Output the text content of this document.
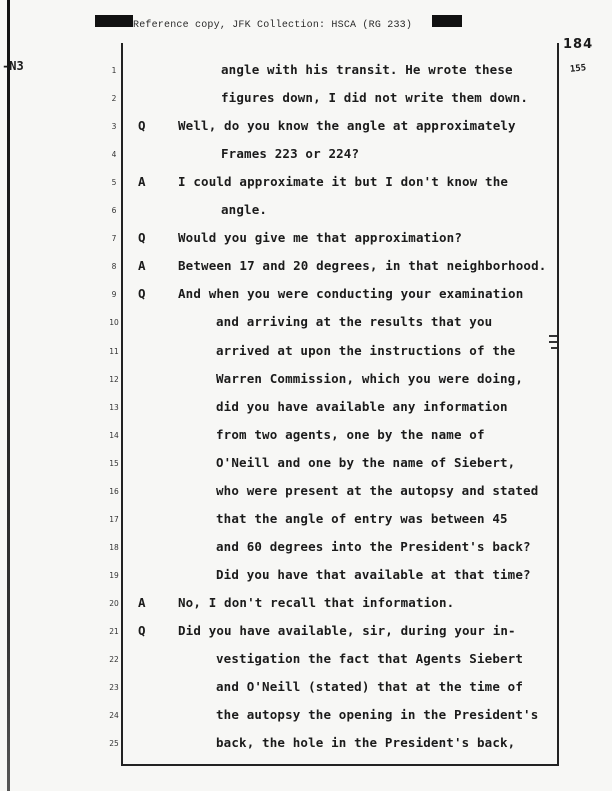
-N3
Reference copy, JFK Collection: HSCA (RG 233)
184
155
1	angle with his transit. He wrote these
2	figures down, I did not write them down.
3	Q	Well, do you know the angle at approximately
4	Frames 223 or 224?
5	A	I could approximate it but I don't know the
6	angle.
7	Q	Would you give me that approximation?
8	A	Between 17 and 20 degrees, in that neighborhood.
9	Q	And when you were conducting your examination
10	and arriving at the results that you
11	arrived at upon the instructions of the
12	Warren Commission, which you were doing,
13	did you have available any information
14	from two agents, one by the name of
15	O'Neill and one by the name of Siebert,
16	who were present at the autopsy and stated
17	that the angle of entry was between 45
18	and 60 degrees into the President's back?
19	Did you have that available at that time?
20	A	No, I don't recall that information.
21	Q	Did you have available, sir, during your in-
22	vestigation the fact that Agents Siebert
23	and O'Neill (stated) that at the time of
24	the autopsy the opening in the President's
25	back, the hole in the President's back,
